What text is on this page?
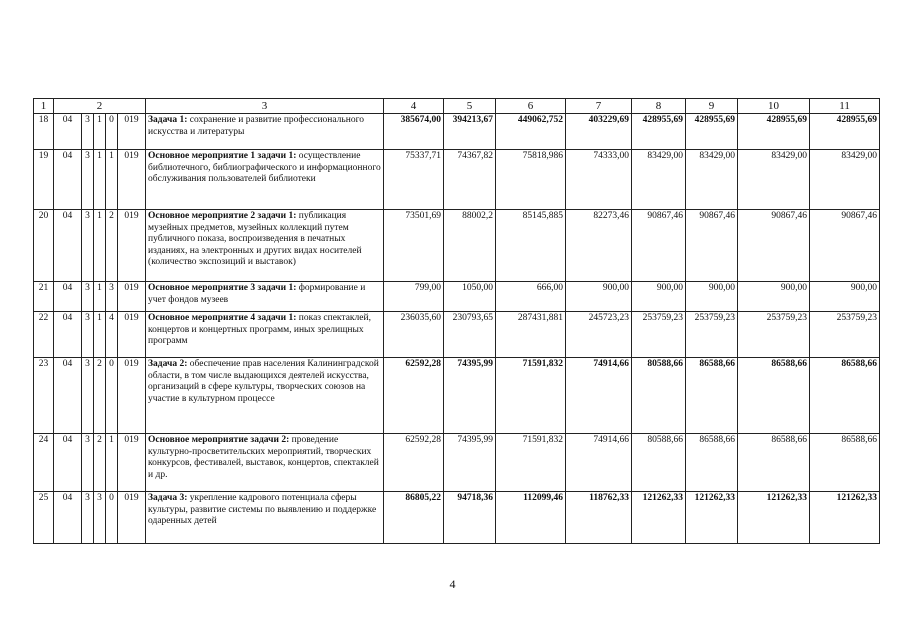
1	2					3	4	5	6	7	8	9	10	11
18	04	3	1	0	019	Задача 1: сохранение и развитие профессионального искусства и литературы	385674,00	394213,67	449062,752	403229,69	428955,69	428955,69	428955,69	428955,69
19	04	3	1	1	019	Основное мероприятие 1 задачи 1: осуществление библиотечного, библиографического и информационного обслуживания пользователей библиотеки	75337,71	74367,82	75818,986	74333,00	83429,00	83429,00	83429,00	83429,00
20	04	3	1	2	019	Основное мероприятие 2 задачи 1: публикация музейных предметов, музейных коллекций путем публичного показа, воспроизведения в печатных изданиях, на электронных и других видах носителей (количество экспозиций и выставок)	73501,69	88002,2	85145,885	82273,46	90867,46	90867,46	90867,46	90867,46
21	04	3	1	3	019	Основное мероприятие 3 задачи 1: формирование и учет фондов музеев	799,00	1050,00	666,00	900,00	900,00	900,00	900,00	900,00
22	04	3	1	4	019	Основное мероприятие 4 задачи 1: показ спектаклей, концертов и концертных программ, иных зрелищных программ	236035,60	230793,65	287431,881	245723,23	253759,23	253759,23	253759,23	253759,23
23	04	3	2	0	019	Задача 2: обеспечение прав населения Калининградской области, в том числе выдающихся деятелей искусства, организаций в сфере культуры, творческих союзов на участие в культурном процессе	62592,28	74395,99	71591,832	74914,66	80588,66	86588,66	86588,66	86588,66
24	04	3	2	1	019	Основное мероприятие задачи 2: проведение культурно-просветительских мероприятий, творческих конкурсов, фестивалей, выставок, концертов, спектаклей и др.	62592,28	74395,99	71591,832	74914,66	80588,66	86588,66	86588,66	86588,66
25	04	3	3	0	019	Задача 3: укрепление кадрового потенциала сферы культуры, развитие системы по выявлению и поддержке одаренных детей	86805,22	94718,36	112099,46	118762,33	121262,33	121262,33	121262,33	121262,33
4
